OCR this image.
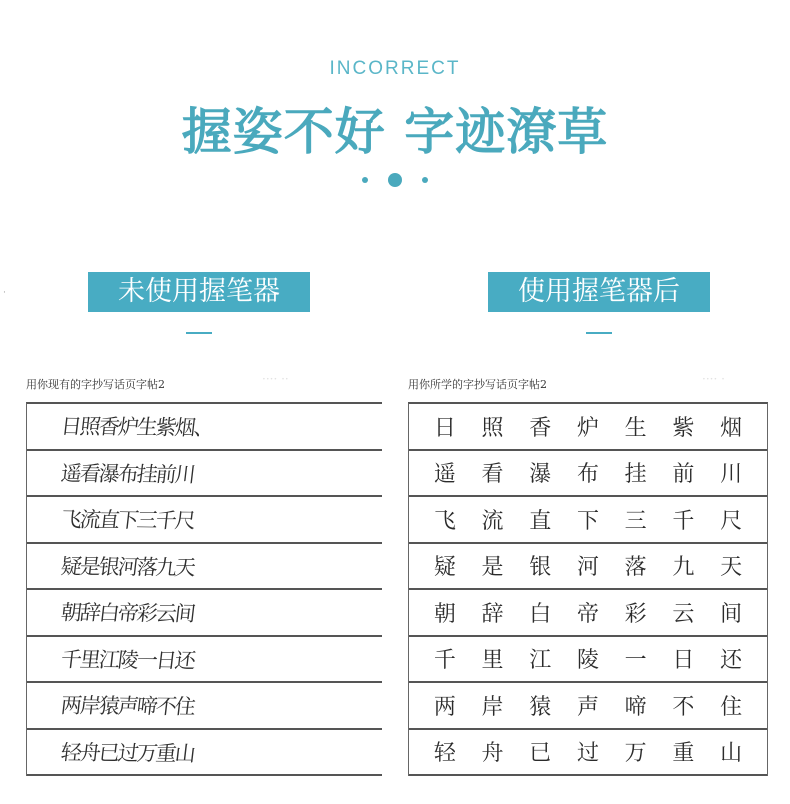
INCORRECT
握姿不好 字迹潦草
未使用握笔器	使用握笔器后
·
用你现有的字抄写话页字帖2	···· ··
日照香炉生紫烟、
遥看瀑布挂前川
飞流直下三千尺
疑是银河落九天
朝辞白帝彩云间
千里江陵一日还
两岸猿声啼不住
轻舟已过万重山
用你所学的字抄写话页字帖2	···· ·
日 照 香 炉 生 紫 烟
遥 看 瀑 布 挂 前 川
飞 流 直 下 三 千 尺
疑 是 银 河 落 九 天
朝 辞 白 帝 彩 云 间
千 里 江 陵 一 日 还
两 岸 猿 声 啼 不 住
轻 舟 已 过 万 重 山
